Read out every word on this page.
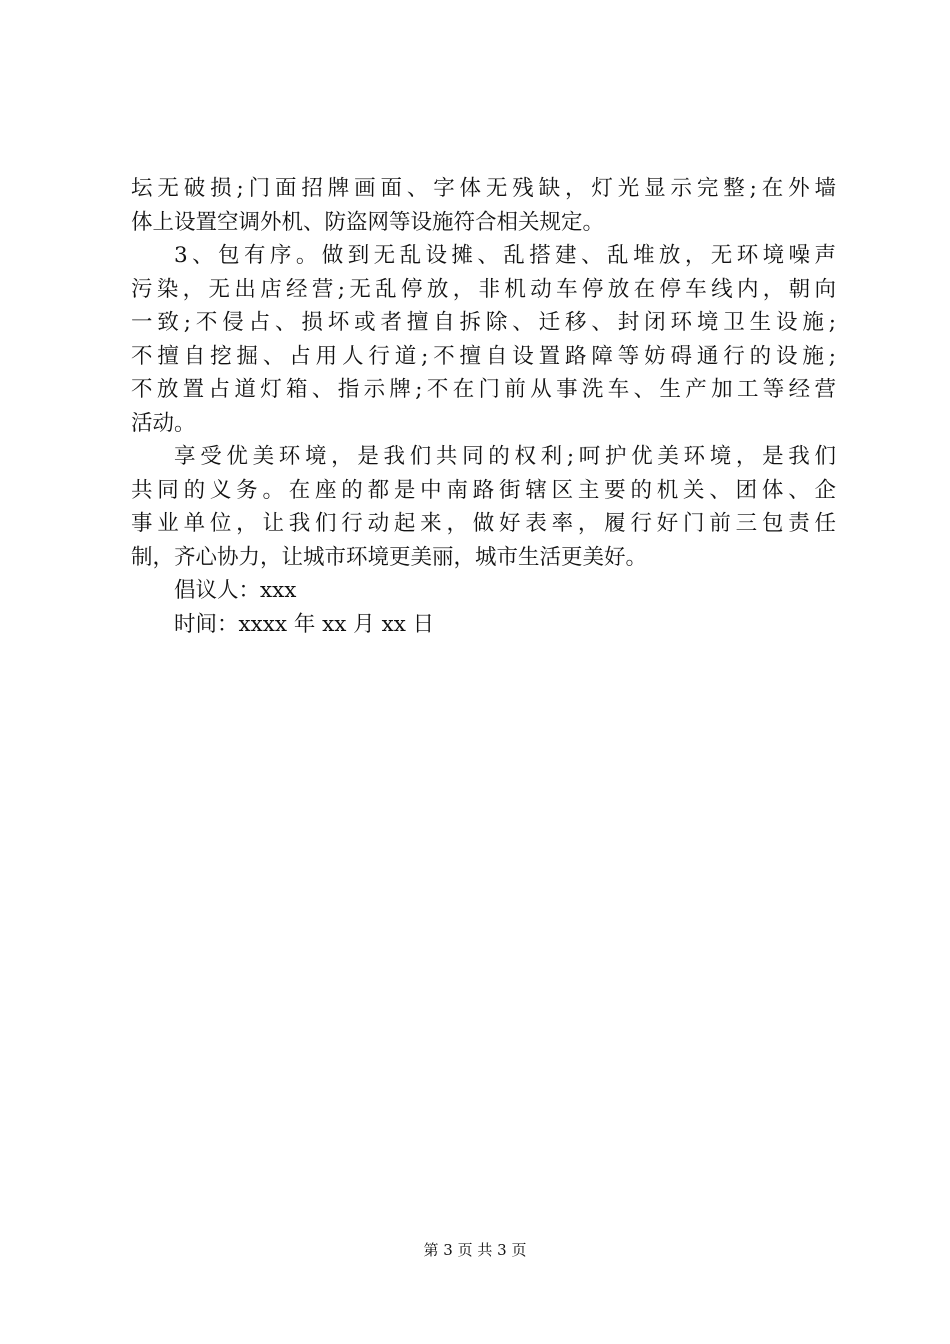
坛无破损;门面招牌画面、字体无残缺，灯光显示完整;在外墙
体上设置空调外机、防盗网等设施符合相关规定。
3、包有序。做到无乱设摊、乱搭建、乱堆放，无环境噪声
污染，无出店经营;无乱停放，非机动车停放在停车线内，朝向
一致;不侵占、损坏或者擅自拆除、迁移、封闭环境卫生设施;
不擅自挖掘、占用人行道;不擅自设置路障等妨碍通行的设施;
不放置占道灯箱、指示牌;不在门前从事洗车、生产加工等经营
活动。
享受优美环境，是我们共同的权利;呵护优美环境，是我们
共同的义务。在座的都是中南路街辖区主要的机关、团体、企
事业单位，让我们行动起来，做好表率，履行好门前三包责任
制，齐心协力，让城市环境更美丽，城市生活更美好。
倡议人：xxx
时间：xxxx 年 xx 月 xx 日
第 3 页 共 3 页
